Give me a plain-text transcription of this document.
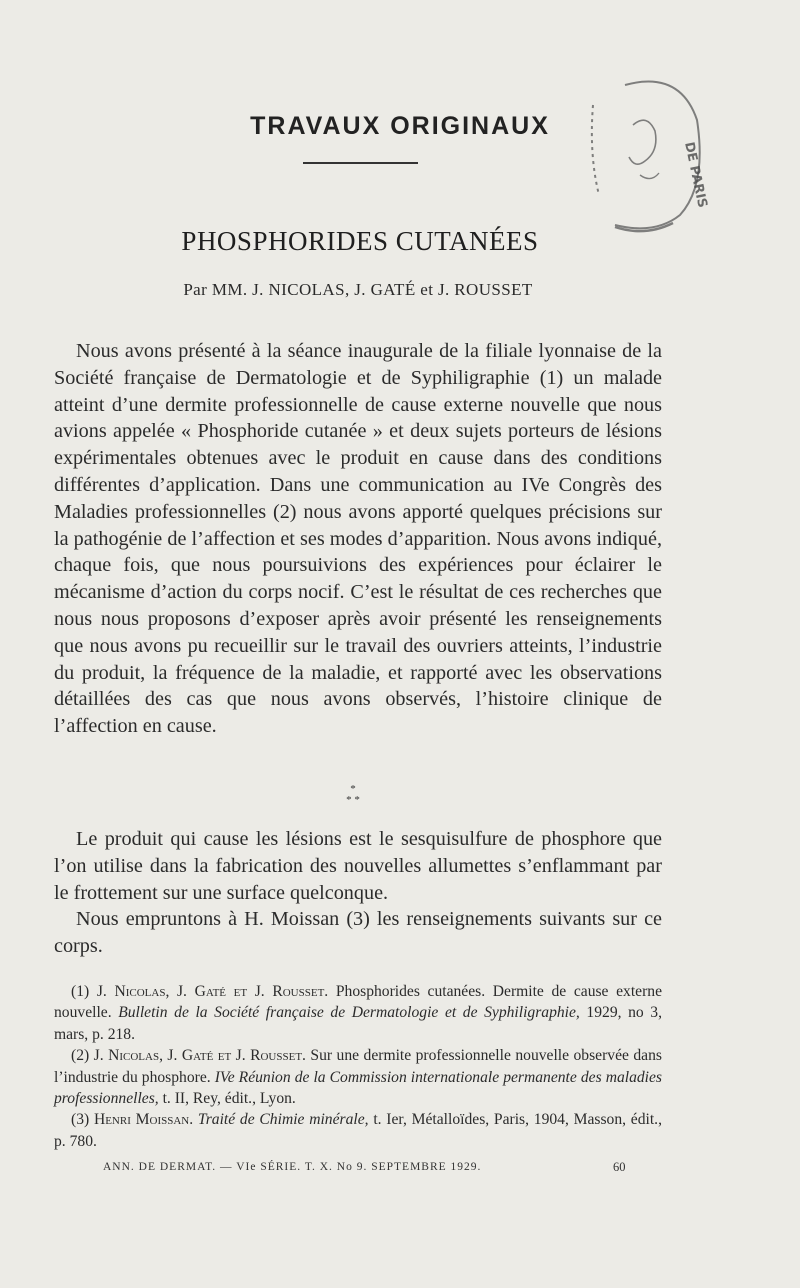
TRAVAUX ORIGINAUX
DE PARIS
PHOSPHORIDES CUTANÉES
Par MM. J. NICOLAS, J. GATÉ et J. ROUSSET

Nous avons présenté à la séance inaugurale de la filiale lyonnaise de la Société française de Dermatologie et de Syphiligraphie (1) un malade atteint d’une dermite professionnelle de cause externe nouvelle que nous avions appelée « Phosphoride cutanée » et deux sujets porteurs de lésions expérimentales obtenues avec le produit en cause dans des conditions différentes d’application. Dans une communication au IVe Congrès des Maladies professionnelles (2) nous avons apporté quelques précisions sur la pathogénie de l’affection et ses modes d’apparition. Nous avons indiqué, chaque fois, que nous poursuivions des expériences pour éclairer le mécanisme d’action du corps nocif. C’est le résultat de ces recherches que nous nous proposons d’exposer après avoir présenté les renseignements que nous avons pu recueillir sur le travail des ouvriers atteints, l’industrie du produit, la fréquence de la maladie, et rapporté avec les observations détaillées des cas que nous avons observés, l’histoire clinique de l’affection en cause.

*
* *

Le produit qui cause les lésions est le sesquisulfure de phosphore que l’on utilise dans la fabrication des nouvelles allumettes s’enflammant par le frottement sur une surface quelconque.

Nous empruntons à H. Moissan (3) les renseignements suivants sur ce corps.

(1) J. Nicolas, J. Gaté et J. Rousset. Phosphorides cutanées. Dermite de cause externe nouvelle. Bulletin de la Société française de Dermatologie et de Syphiligraphie, 1929, no 3, mars, p. 218.

(2) J. Nicolas, J. Gaté et J. Rousset. Sur une dermite professionnelle nouvelle observée dans l’industrie du phosphore. IVe Réunion de la Commission internationale permanente des maladies professionnelles, t. II, Rey, édit., Lyon.

(3) Henri Moissan. Traité de Chimie minérale, t. Ier, Métalloïdes, Paris, 1904, Masson, édit., p. 780.

ANN. DE DERMAT. — VIe SÉRIE. T. X. No 9. SEPTEMBRE 1929.	60
